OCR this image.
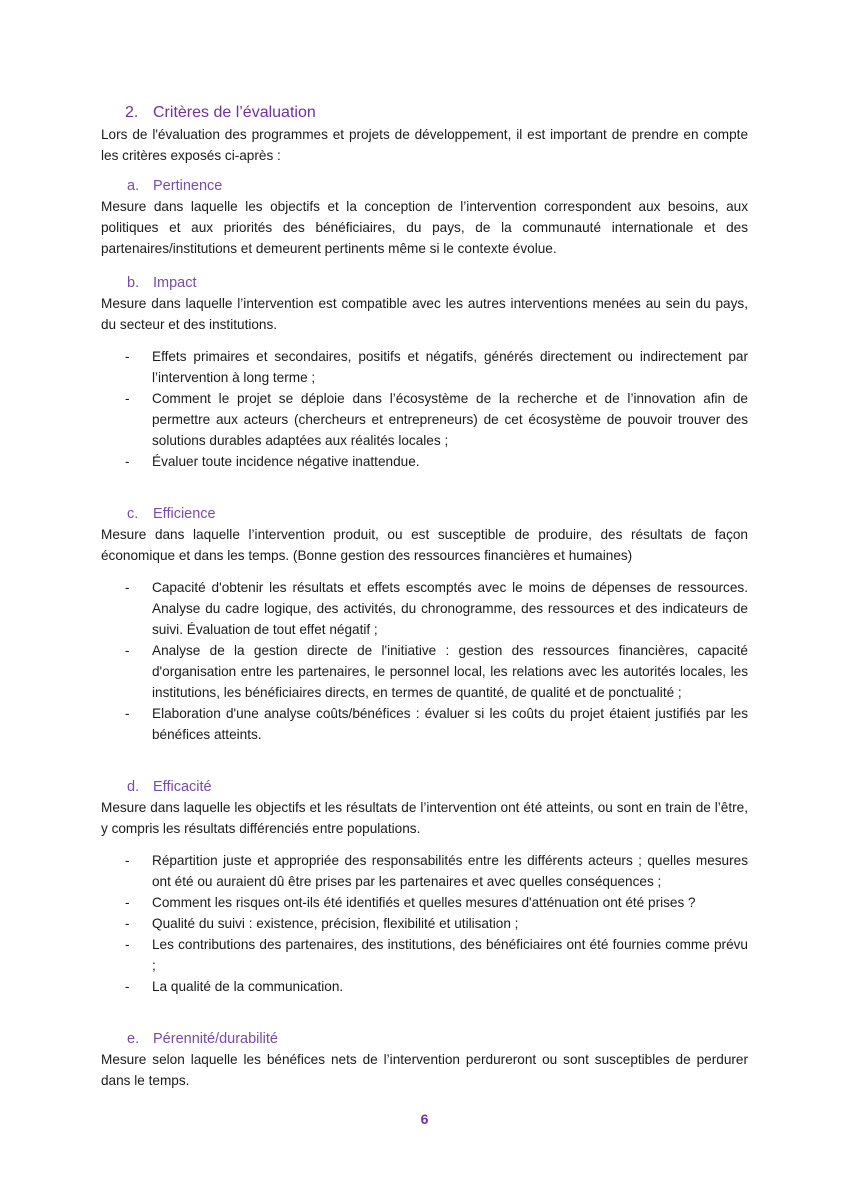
2. Critères de l’évaluation

Lors de l'évaluation des programmes et projets de développement, il est important de prendre en compte les critères exposés ci-après :

a. Pertinence

Mesure dans laquelle les objectifs et la conception de l’intervention correspondent aux besoins, aux politiques et aux priorités des bénéficiaires, du pays, de la communauté internationale et des partenaires/institutions et demeurent pertinents même si le contexte évolue.

b. Impact

Mesure dans laquelle l’intervention est compatible avec les autres interventions menées au sein du pays, du secteur et des institutions.

- Effets primaires et secondaires, positifs et négatifs, générés directement ou indirectement par l’intervention à long terme ;
- Comment le projet se déploie dans l’écosystème de la recherche et de l’innovation afin de permettre aux acteurs (chercheurs et entrepreneurs) de cet écosystème de pouvoir trouver des solutions durables adaptées aux réalités locales ;
- Évaluer toute incidence négative inattendue.
c. Efficience

Mesure dans laquelle l’intervention produit, ou est susceptible de produire, des résultats de façon économique et dans les temps. (Bonne gestion des ressources financières et humaines)

- Capacité d'obtenir les résultats et effets escomptés avec le moins de dépenses de ressources. Analyse du cadre logique, des activités, du chronogramme, des ressources et des indicateurs de suivi. Évaluation de tout effet négatif ;
- Analyse de la gestion directe de l'initiative : gestion des ressources financières, capacité d'organisation entre les partenaires, le personnel local, les relations avec les autorités locales, les institutions, les bénéficiaires directs, en termes de quantité, de qualité et de ponctualité ;
- Elaboration d'une analyse coûts/bénéfices : évaluer si les coûts du projet étaient justifiés par les bénéfices atteints.
d. Efficacité

Mesure dans laquelle les objectifs et les résultats de l’intervention ont été atteints, ou sont en train de l’être, y compris les résultats différenciés entre populations.

- Répartition juste et appropriée des responsabilités entre les différents acteurs ; quelles mesures ont été ou auraient dû être prises par les partenaires et avec quelles conséquences ;
- Comment les risques ont-ils été identifiés et quelles mesures d'atténuation ont été prises ?
- Qualité du suivi : existence, précision, flexibilité et utilisation ;
- Les contributions des partenaires, des institutions, des bénéficiaires ont été fournies comme prévu ;
- La qualité de la communication.
e. Pérennité/durabilité

Mesure selon laquelle les bénéfices nets de l’intervention perdureront ou sont susceptibles de perdurer dans le temps.

6
